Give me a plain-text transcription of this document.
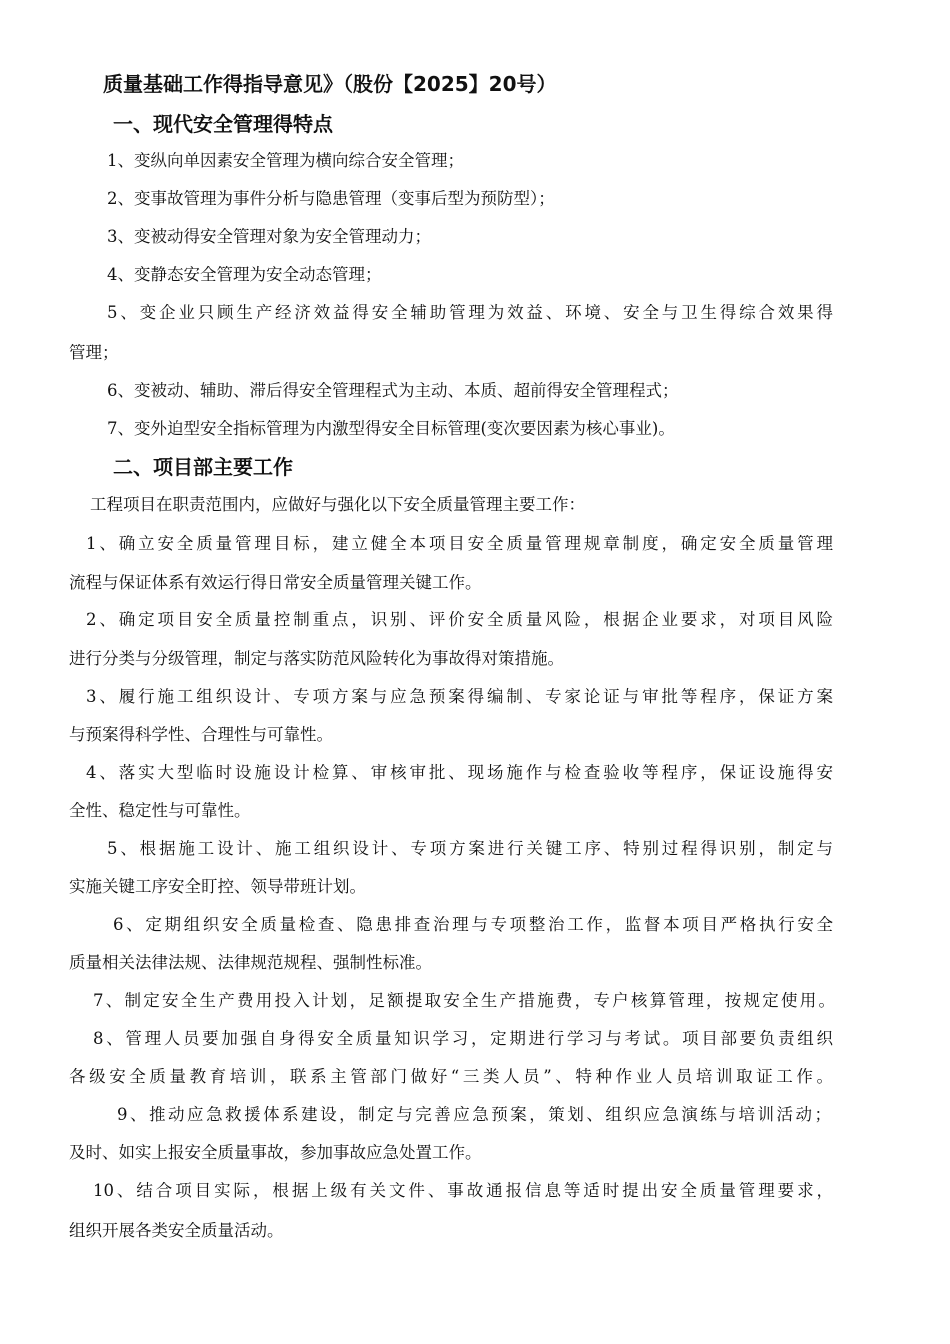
质量基础工作得指导意见》（股份【2025】20号）
一、现代安全管理得特点
1、变纵向单因素安全管理为横向综合安全管理；
2、变事故管理为事件分析与隐患管理（变事后型为预防型）；
3、变被动得安全管理对象为安全管理动力；
4、变静态安全管理为安全动态管理；
5、变企业只顾生产经济效益得安全辅助管理为效益、环境、安全与卫生得综合效果得
管理；
6、变被动、辅助、滞后得安全管理程式为主动、本质、超前得安全管理程式；
7、变外迫型安全指标管理为内激型得安全目标管理(变次要因素为核心事业)。
二、项目部主要工作
工程项目在职责范围内，应做好与强化以下安全质量管理主要工作：
1、确立安全质量管理目标，建立健全本项目安全质量管理规章制度，确定安全质量管理
流程与保证体系有效运行得日常安全质量管理关键工作。
2、确定项目安全质量控制重点，识别、评价安全质量风险，根据企业要求，对项目风险
进行分类与分级管理，制定与落实防范风险转化为事故得对策措施。
3、履行施工组织设计、专项方案与应急预案得编制、专家论证与审批等程序，保证方案
与预案得科学性、合理性与可靠性。
4、落实大型临时设施设计检算、审核审批、现场施作与检查验收等程序，保证设施得安
全性、稳定性与可靠性。
5、根据施工设计、施工组织设计、专项方案进行关键工序、特别过程得识别，制定与
实施关键工序安全盯控、领导带班计划。
6、定期组织安全质量检查、隐患排查治理与专项整治工作，监督本项目严格执行安全
质量相关法律法规、法律规范规程、强制性标准。
7、制定安全生产费用投入计划，足额提取安全生产措施费，专户核算管理，按规定使用。
8、管理人员要加强自身得安全质量知识学习，定期进行学习与考试。项目部要负责组织
各级安全质量教育培训，联系主管部门做好“三类人员”、特种作业人员培训取证工作。
9、推动应急救援体系建设，制定与完善应急预案，策划、组织应急演练与培训活动；
及时、如实上报安全质量事故，参加事故应急处置工作。
10、结合项目实际，根据上级有关文件、事故通报信息等适时提出安全质量管理要求，
组织开展各类安全质量活动。
